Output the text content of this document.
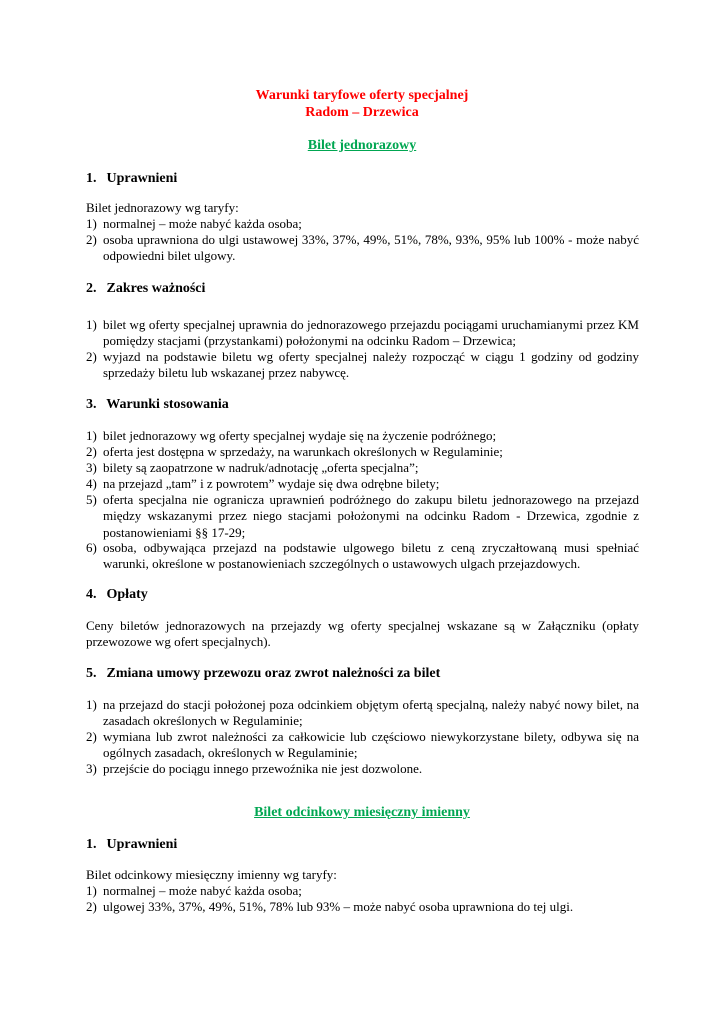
Warunki taryfowe oferty specjalnej
Radom – Drzewica
Bilet jednorazowy
1. Uprawnieni
Bilet jednorazowy wg taryfy:
1) normalnej – może nabyć każda osoba;
2) osoba uprawniona do ulgi ustawowej 33%, 37%, 49%, 51%, 78%, 93%, 95% lub 100% - może nabyć odpowiedni bilet ulgowy.
2. Zakres ważności
1) bilet wg oferty specjalnej uprawnia do jednorazowego przejazdu pociągami uruchamianymi przez KM pomiędzy stacjami (przystankami) położonymi na odcinku Radom – Drzewica;
2) wyjazd na podstawie biletu wg oferty specjalnej należy rozpocząć w ciągu 1 godziny od godziny sprzedaży biletu lub wskazanej przez nabywcę.
3. Warunki stosowania
1) bilet jednorazowy wg oferty specjalnej wydaje się na życzenie podróżnego;
2) oferta jest dostępna w sprzedaży, na warunkach określonych w Regulaminie;
3) bilety są zaopatrzone w nadruk/adnotację „oferta specjalna”;
4) na przejazd „tam” i z powrotem” wydaje się dwa odrębne bilety;
5) oferta specjalna nie ogranicza uprawnień podróżnego do zakupu biletu jednorazowego na przejazd między wskazanymi przez niego stacjami położonymi na odcinku Radom - Drzewica, zgodnie z postanowieniami §§ 17-29;
6) osoba, odbywająca przejazd na podstawie ulgowego biletu z ceną zryczałtowaną musi spełniać warunki, określone w postanowieniach szczególnych o ustawowych ulgach przejazdowych.
4. Opłaty
Ceny biletów jednorazowych na przejazdy wg oferty specjalnej wskazane są w Załączniku (opłaty przewozowe wg ofert specjalnych).
5. Zmiana umowy przewozu oraz zwrot należności za bilet
1) na przejazd do stacji położonej poza odcinkiem objętym ofertą specjalną, należy nabyć nowy bilet, na zasadach określonych w Regulaminie;
2) wymiana lub zwrot należności za całkowicie lub częściowo niewykorzystane bilety, odbywa się na ogólnych zasadach, określonych w Regulaminie;
3) przejście do pociągu innego przewoźnika nie jest dozwolone.
Bilet odcinkowy miesięczny imienny
1. Uprawnieni
Bilet odcinkowy miesięczny imienny wg taryfy:
1) normalnej – może nabyć każda osoba;
2) ulgowej 33%, 37%, 49%, 51%, 78% lub 93% – może nabyć osoba uprawniona do tej ulgi.
